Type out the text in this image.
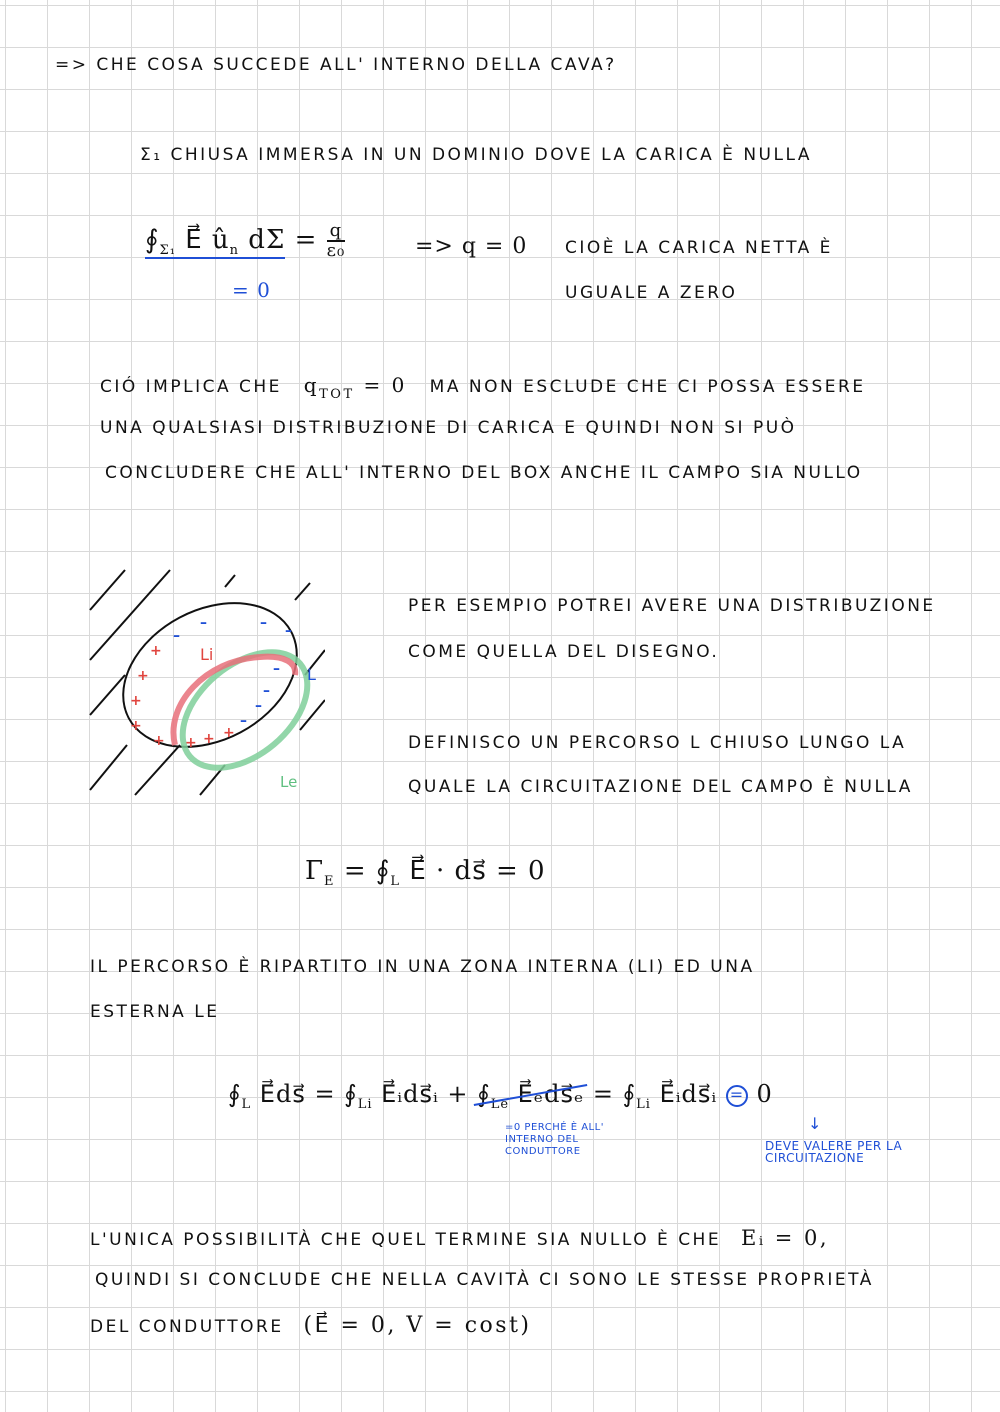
=> CHE COSA SUCCEDE ALL' INTERNO DELLA CAVA?
Σ₁ CHIUSA IMMERSA IN UN DOMINIO DOVE LA CARICA È NULLA
$∮_{\Sigma_1}$ E⃗ $û_n$ $d\Sigma = \frac{q}{\text{ε₀}}$
= 0
=> q = 0 CIOÈ LA CARICA NETTA È
UGUALE A ZERO
CIÓ IMPLICA CHE $q_{TOT} = 0$ MA NON ESCLUDE CHE CI POSSA ESSERE
UNA QUALSIASI DISTRIBUZIONE DI CARICA E QUINDI NON SI PUÒ
CONCLUDERE CHE ALL' INTERNO DEL BOX ANCHE IL CAMPO SIA NULLO
+
+
+
+
+ + + +
–
–	– –
–
–
–
–
Li
L
Le
PER ESEMPIO POTREI AVERE UNA DISTRIBUZIONE
COME QUELLA DEL DISEGNO.
DEFINISCO UN PERCORSO L CHIUSO LUNGO LA
QUALE LA CIRCUITAZIONE DEL CAMPO È NULLA
$\Gamma_E$ = $∮_L$ E⃗ · ds⃗ = 0
IL PERCORSO È RIPARTITO IN UNA ZONA INTERNA (LI) ED UNA
ESTERNA LE
$∮_L$ E⃗ds⃗ = $∮_{Li}$ E⃗ᵢds⃗ᵢ + $∮_{Le}$ E⃗ₑds⃗ₑ = $∮_{Li}$ E⃗ᵢds⃗ᵢ = 0
=0 PERCHÉ È ALL' INTERNO DEL CONDUTTORE	DEVE VALERE PER LA CIRCUITAZIONE
↓
L'UNICA POSSIBILITÀ CHE QUEL TERMINE SIA NULLO È CHE Eᵢ = 0,
QUINDI SI CONCLUDE CHE NELLA CAVITÀ CI SONO LE STESSE PROPRIETÀ
DEL CONDUTTORE (E⃗ = 0, V = cost)
